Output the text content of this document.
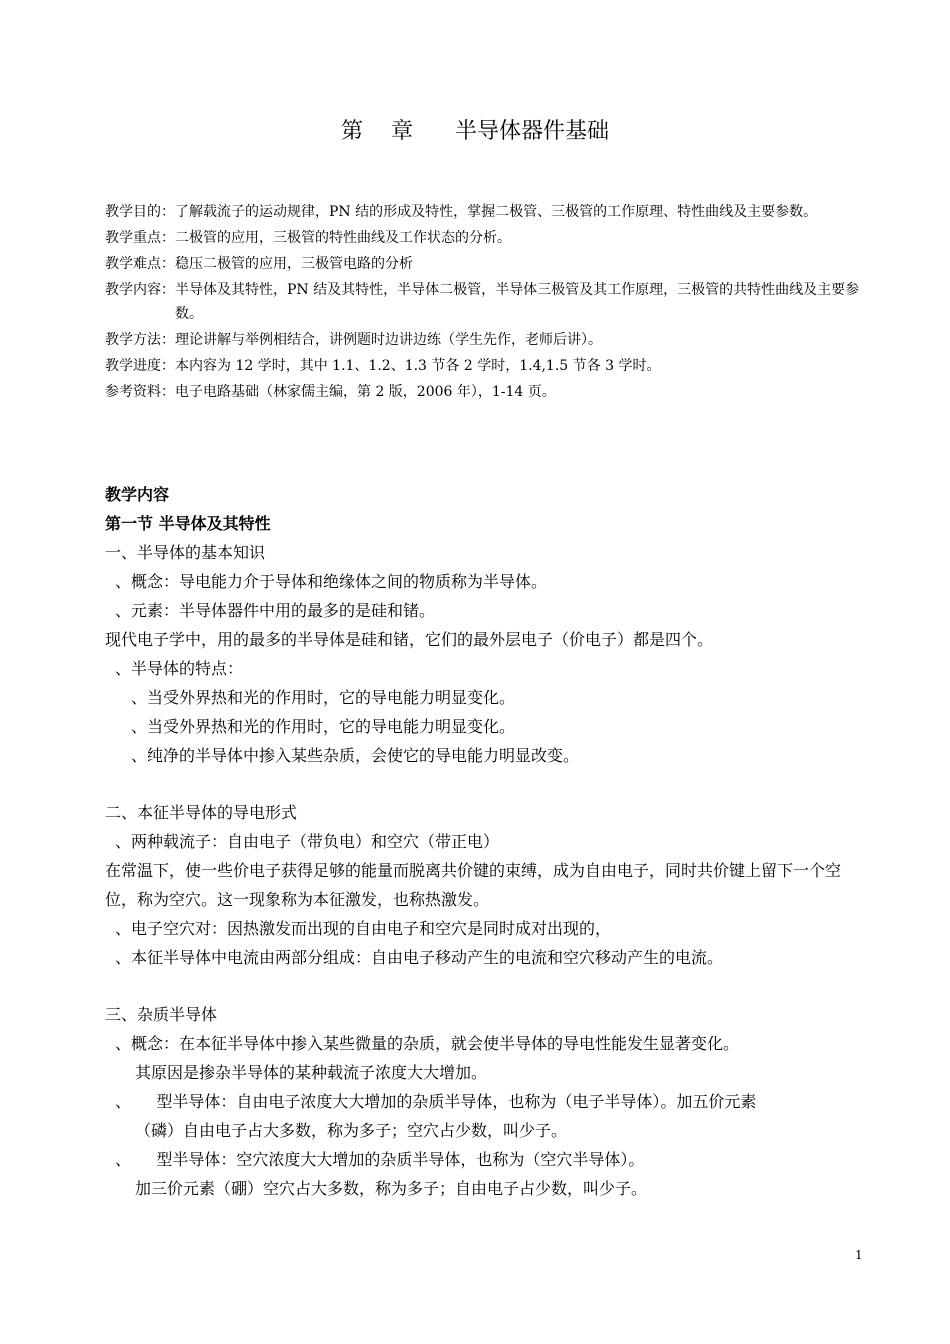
第    章      半导体器件基础
教学目的：了解载流子的运动规律，PN 结的形成及特性，掌握二极管、三极管的工作原理、特性曲线及主要参数。
教学重点： 二极管的应用，三极管的特性曲线及工作状态的分析。
教学难点： 稳压二极管的应用，三极管电路的分析
教学内容： 半导体及其特性，PN 结及其特性，半导体二极管，半导体三极管及其工作原理，三极管的共特性曲线及主要参数。
教学方法： 理论讲解与举例相结合，讲例题时边讲边练（学生先作，老师后讲）。
教学进度： 本内容为 12 学时，其中 1.1、1.2、1.3 节各 2 学时，1.4,1.5 节各 3 学时。
参考资料： 电子电路基础（林家儒主编，第 2 版，2006 年），1-14 页。
教学内容
第一节 半导体及其特性
一、半导体的基本知识
、概念：导电能力介于导体和绝缘体之间的物质称为半导体。
、元素：半导体器件中用的最多的是硅和锗。
现代电子学中，用的最多的半导体是硅和锗，它们的最外层电子（价电子）都是四个。
、半导体的特点：
、当受外界热和光的作用时，它的导电能力明显变化。
、当受外界热和光的作用时，它的导电能力明显变化。
、纯净的半导体中掺入某些杂质，会使它的导电能力明显改变。
二、本征半导体的导电形式
、两种载流子：自由电子（带负电）和空穴（带正电）
在常温下，使一些价电子获得足够的能量而脱离共价键的束缚，成为自由电子，同时共价键上留下一个空位，称为空穴。这一现象称为本征激发，也称热激发。
、电子空穴对：因热激发而出现的自由电子和空穴是同时成对出现的，
、本征半导体中电流由两部分组成：自由电子移动产生的电流和空穴移动产生的电流。
三、杂质半导体
、概念：在本征半导体中掺入某些微量的杂质，就会使半导体的导电性能发生显著变化。
其原因是掺杂半导体的某种载流子浓度大大增加。
、     型半导体：自由电子浓度大大增加的杂质半导体，也称为（电子半导体）。加五价元素
（磷）自由电子占大多数，称为多子；空穴占少数，叫少子。
、     型半导体：空穴浓度大大增加的杂质半导体，也称为（空穴半导体）。
加三价元素（硼）空穴占大多数，称为多子；自由电子占少数，叫少子。
1
